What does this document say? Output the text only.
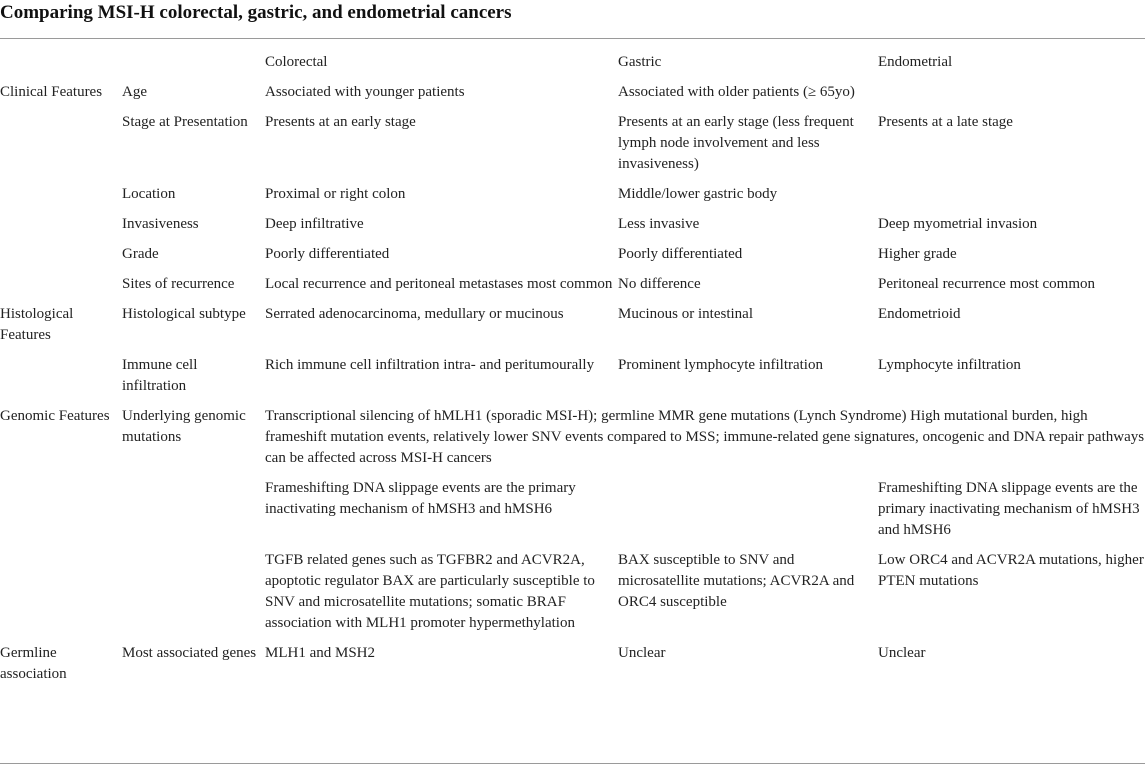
Comparing MSI-H colorectal, gastric, and endometrial cancers
		Colorectal	Gastric	Endometrial
Clinical Features	Age	Associated with younger patients	Associated with older patients (≥ 65yo)	
	Stage at Presentation	Presents at an early stage	Presents at an early stage (less frequent lymph node involvement and less invasiveness)	Presents at a late stage
	Location	Proximal or right colon	Middle/lower gastric body	
	Invasiveness	Deep infiltrative	Less invasive	Deep myometrial invasion
	Grade	Poorly differentiated	Poorly differentiated	Higher grade
	Sites of recurrence	Local recurrence and peritoneal metastases most common	No difference	Peritoneal recurrence most common
Histological Features	Histological subtype	Serrated adenocarcinoma, medullary or mucinous	Mucinous or intestinal	Endometrioid
	Immune cell infiltration	Rich immune cell infiltration intra- and peritumourally	Prominent lymphocyte infiltration	Lymphocyte infiltration
Genomic Features	Underlying genomic mutations	Transcriptional silencing of hMLH1 (sporadic MSI-H); germline MMR gene mutations (Lynch Syndrome) High mutational burden, high frameshift mutation events, relatively lower SNV events compared to MSS; immune-related gene signatures, oncogenic and DNA repair pathways can be affected across MSI-H cancers		
		Frameshifting DNA slippage events are the primary inactivating mechanism of hMSH3 and hMSH6		Frameshifting DNA slippage events are the primary inactivating mechanism of hMSH3 and hMSH6
		TGFB related genes such as TGFBR2 and ACVR2A, apoptotic regulator BAX are particularly susceptible to SNV and microsatellite mutations; somatic BRAF association with MLH1 promoter hypermethylation	BAX susceptible to SNV and microsatellite mutations; ACVR2A and ORC4 susceptible	Low ORC4 and ACVR2A mutations, higher PTEN mutations
Germline association	Most associated genes	MLH1 and MSH2	Unclear	Unclear
